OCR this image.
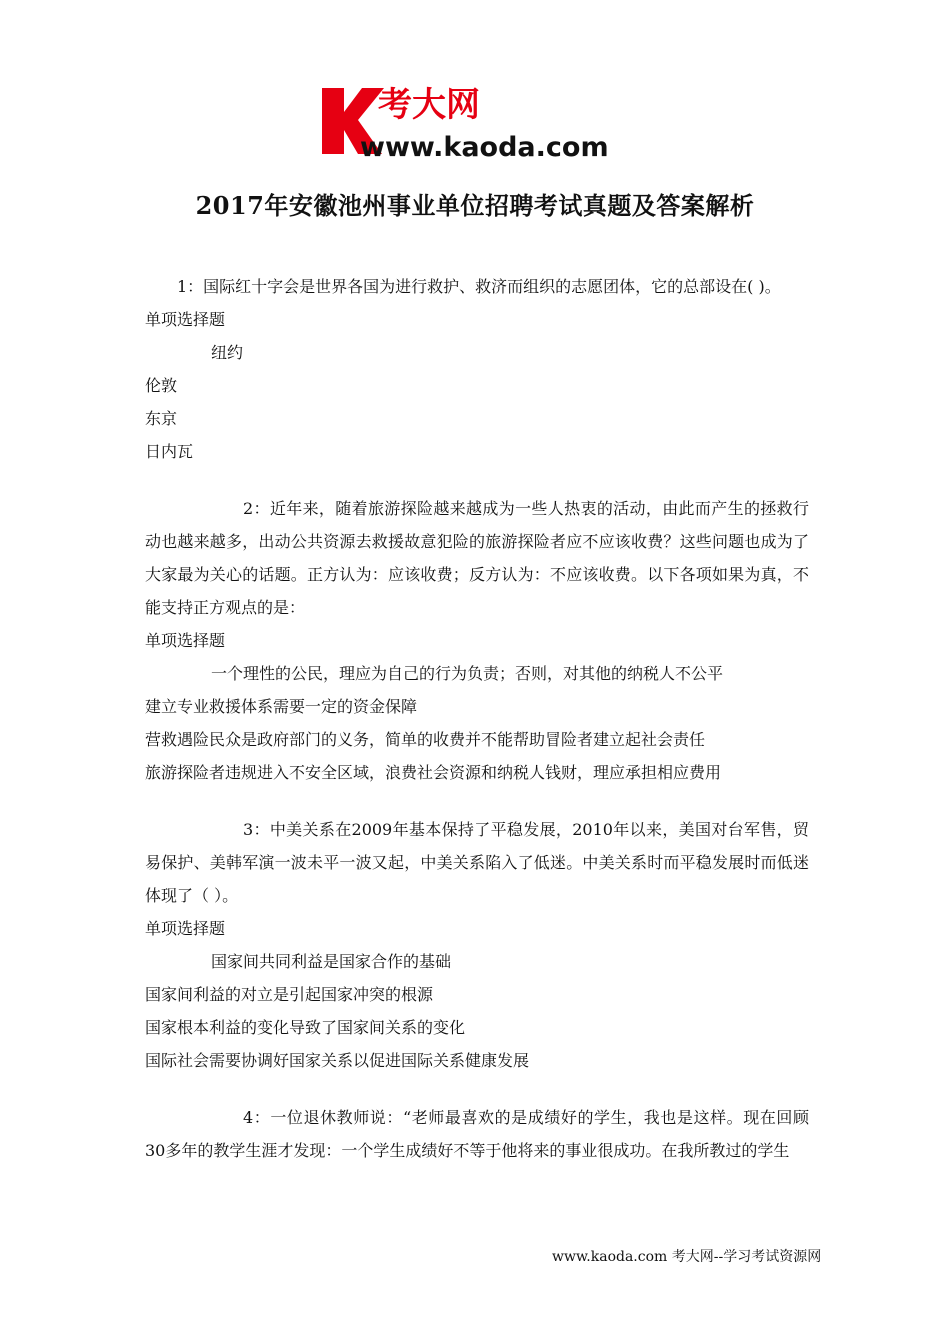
考大网
www.kaoda.com
2017年安徽池州事业单位招聘考试真题及答案解析
1：国际红十字会是世界各国为进行救护、救济而组织的志愿团体，它的总部设在( )。
单项选择题
纽约
伦敦
东京
日内瓦
2：近年来，随着旅游探险越来越成为一些人热衷的活动，由此而产生的拯救行动也越来越多，出动公共资源去救援故意犯险的旅游探险者应不应该收费？这些问题也成为了大家最为关心的话题。正方认为：应该收费；反方认为：不应该收费。以下各项如果为真，不能支持正方观点的是：
单项选择题
一个理性的公民，理应为自己的行为负责；否则，对其他的纳税人不公平
建立专业救援体系需要一定的资金保障
营救遇险民众是政府部门的义务，简单的收费并不能帮助冒险者建立起社会责任
旅游探险者违规进入不安全区域，浪费社会资源和纳税人钱财，理应承担相应费用
3：中美关系在2009年基本保持了平稳发展，2010年以来，美国对台军售，贸易保护、美韩军演一波未平一波又起，中美关系陷入了低迷。中美关系时而平稳发展时而低迷体现了（ ）。
单项选择题
国家间共同利益是国家合作的基础
国家间利益的对立是引起国家冲突的根源
国家根本利益的变化导致了国家间关系的变化
国际社会需要协调好国家关系以促进国际关系健康发展
4：一位退休教师说：“老师最喜欢的是成绩好的学生，我也是这样。现在回顾30多年的教学生涯才发现：一个学生成绩好不等于他将来的事业很成功。在我所教过的学生
www.kaoda.com 考大网--学习考试资源网
